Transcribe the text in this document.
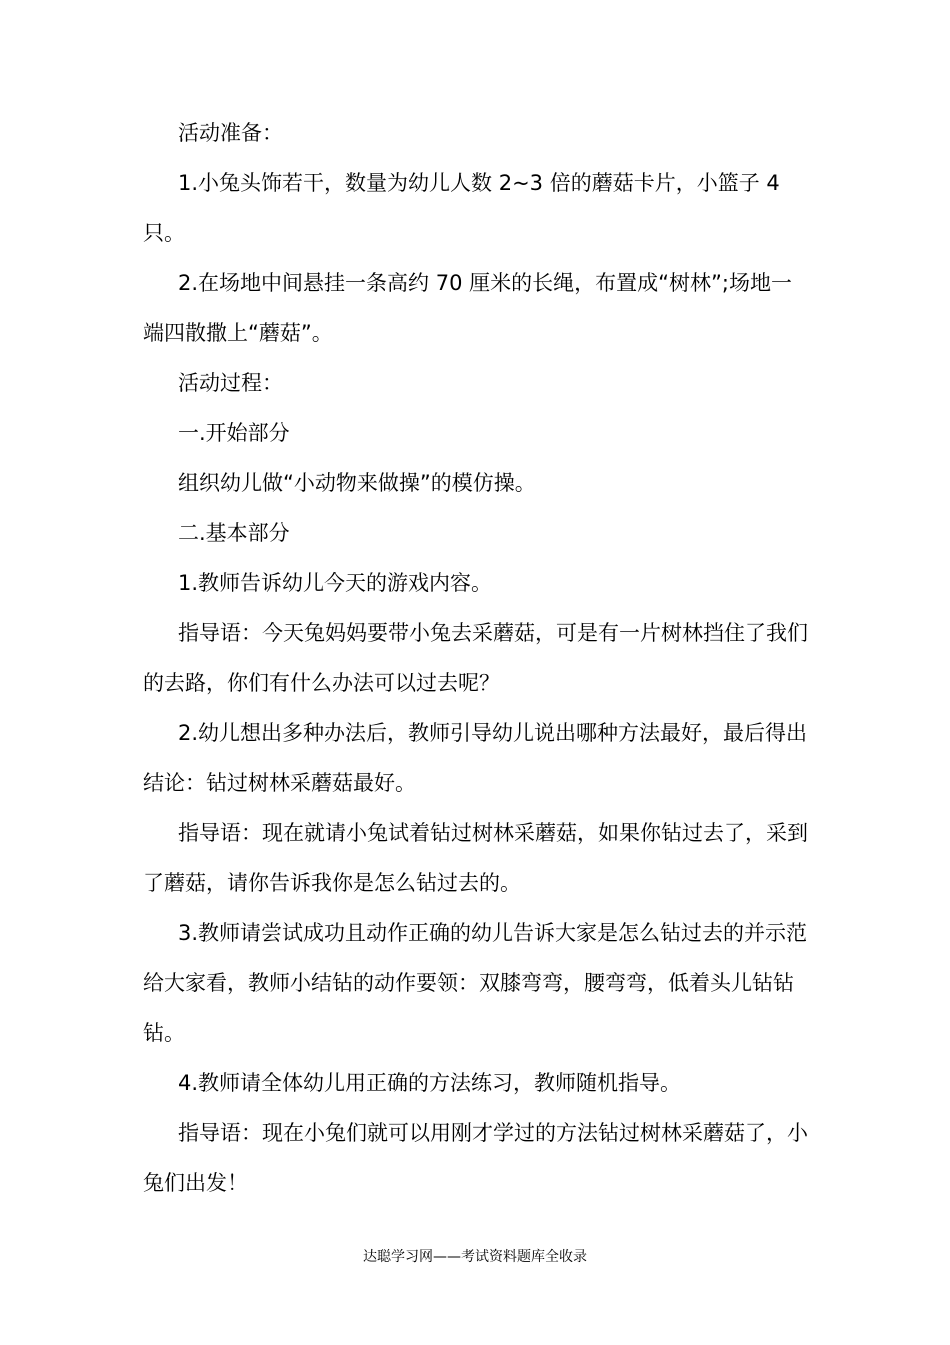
活动准备：

1.小兔头饰若干，数量为幼儿人数 2~3 倍的蘑菇卡片，小篮子 4 只。

2.在场地中间悬挂一条高约 70 厘米的长绳，布置成“树林”;场地一端四散撒上“蘑菇”。

活动过程：

一.开始部分

组织幼儿做“小动物来做操”的模仿操。

二.基本部分

1.教师告诉幼儿今天的游戏内容。

指导语：今天兔妈妈要带小兔去采蘑菇，可是有一片树林挡住了我们的去路，你们有什么办法可以过去呢？

2.幼儿想出多种办法后，教师引导幼儿说出哪种方法最好，最后得出结论：钻过树林采蘑菇最好。

指导语：现在就请小兔试着钻过树林采蘑菇，如果你钻过去了，采到了蘑菇，请你告诉我你是怎么钻过去的。

3.教师请尝试成功且动作正确的幼儿告诉大家是怎么钻过去的并示范给大家看，教师小结钻的动作要领：双膝弯弯，腰弯弯，低着头儿钻钻钻。

4.教师请全体幼儿用正确的方法练习，教师随机指导。

指导语：现在小兔们就可以用刚才学过的方法钻过树林采蘑菇了，小兔们出发！

达聪学习网——考试资料题库全收录
